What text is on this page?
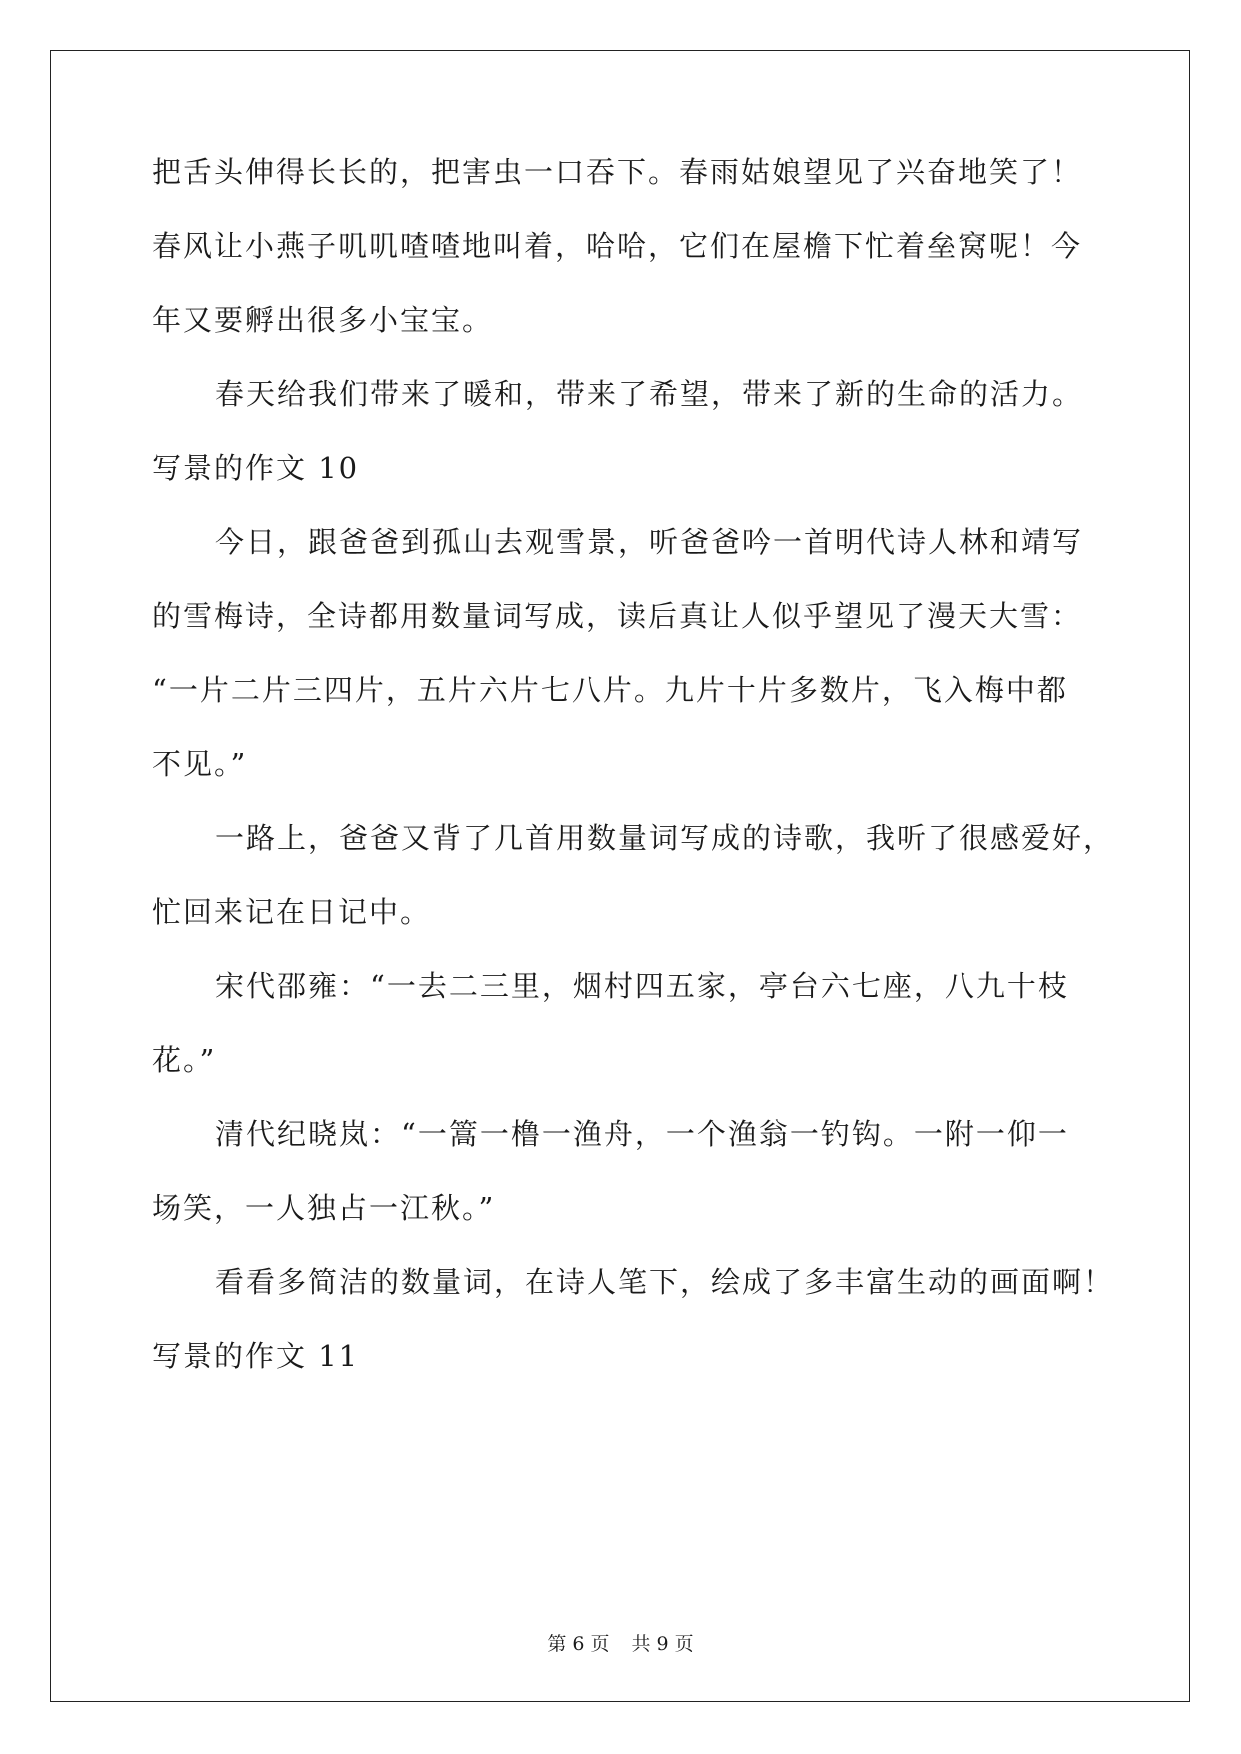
把舌头伸得长长的，把害虫一口吞下。春雨姑娘望见了兴奋地笑了！
春风让小燕子叽叽喳喳地叫着，哈哈，它们在屋檐下忙着垒窝呢！今
年又要孵出很多小宝宝。
春天给我们带来了暖和，带来了希望，带来了新的生命的活力。
写景的作文 10
今日，跟爸爸到孤山去观雪景，听爸爸吟一首明代诗人林和靖写
的雪梅诗，全诗都用数量词写成，读后真让人似乎望见了漫天大雪：
“一片二片三四片，五片六片七八片。九片十片多数片，飞入梅中都
不见。”
一路上，爸爸又背了几首用数量词写成的诗歌，我听了很感爱好，
忙回来记在日记中。
宋代邵雍：“一去二三里，烟村四五家，亭台六七座，八九十枝
花。”
清代纪晓岚：“一篙一橹一渔舟，一个渔翁一钓钩。一附一仰一
场笑，一人独占一江秋。”
看看多简洁的数量词，在诗人笔下，绘成了多丰富生动的画面啊！
写景的作文 11
第 6 页 共 9 页
